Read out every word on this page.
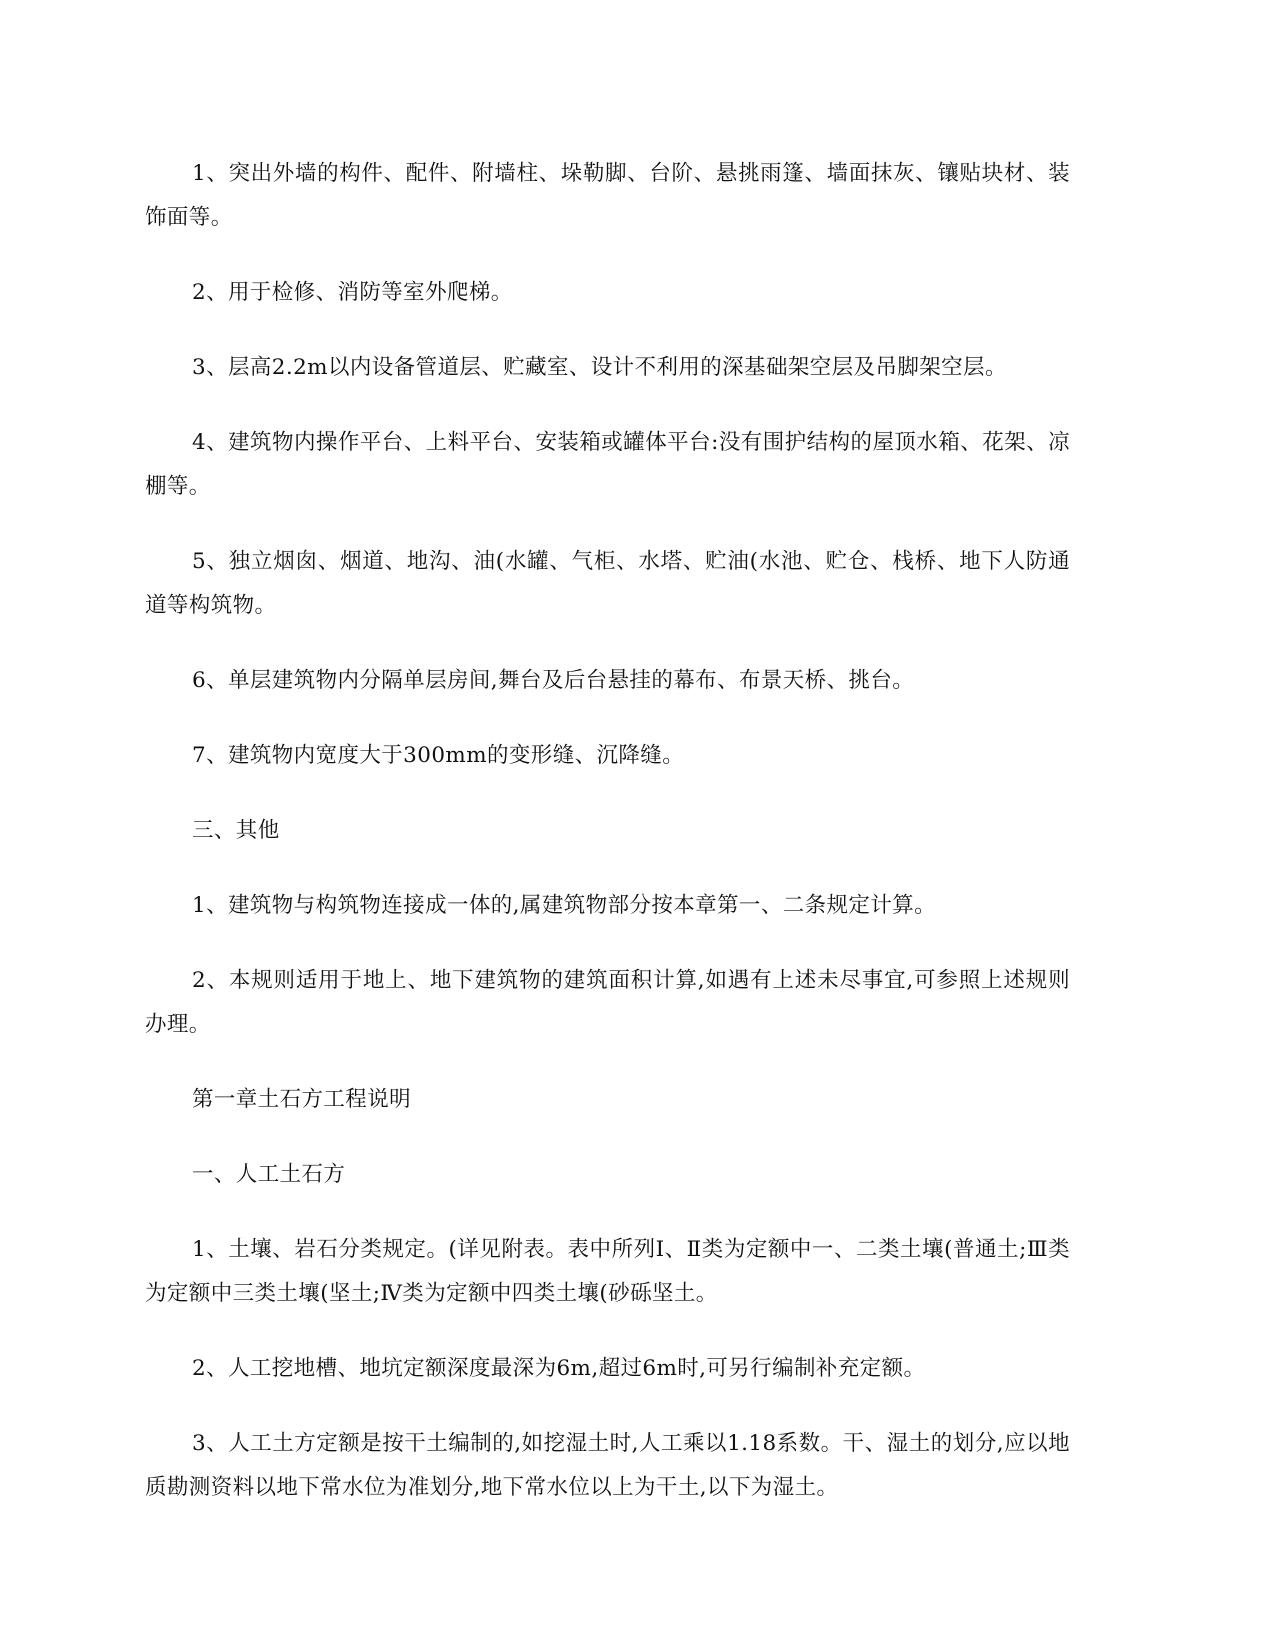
1、突出外墙的构件、配件、附墙柱、垛勒脚、台阶、悬挑雨篷、墙面抹灰、镶贴块材、装饰面等。

2、用于检修、消防等室外爬梯。

3、层高2.2m以内设备管道层、贮藏室、设计不利用的深基础架空层及吊脚架空层。

4、建筑物内操作平台、上料平台、安装箱或罐体平台:没有围护结构的屋顶水箱、花架、凉棚等。

5、独立烟囱、烟道、地沟、油(水罐、气柜、水塔、贮油(水池、贮仓、栈桥、地下人防通道等构筑物。

6、单层建筑物内分隔单层房间,舞台及后台悬挂的幕布、布景天桥、挑台。

7、建筑物内宽度大于300mm的变形缝、沉降缝。

三、其他

1、建筑物与构筑物连接成一体的,属建筑物部分按本章第一、二条规定计算。

2、本规则适用于地上、地下建筑物的建筑面积计算,如遇有上述未尽事宜,可参照上述规则办理。

第一章土石方工程说明

一、人工土石方

1、土壤、岩石分类规定。(详见附表。表中所列Ⅰ、Ⅱ类为定额中一、二类土壤(普通土;Ⅲ类为定额中三类土壤(坚土;Ⅳ类为定额中四类土壤(砂砾坚土。

2、人工挖地槽、地坑定额深度最深为6m,超过6m时,可另行编制补充定额。

3、人工土方定额是按干土编制的,如挖湿土时,人工乘以1.18系数。干、湿土的划分,应以地质勘测资料以地下常水位为准划分,地下常水位以上为干土,以下为湿土。
